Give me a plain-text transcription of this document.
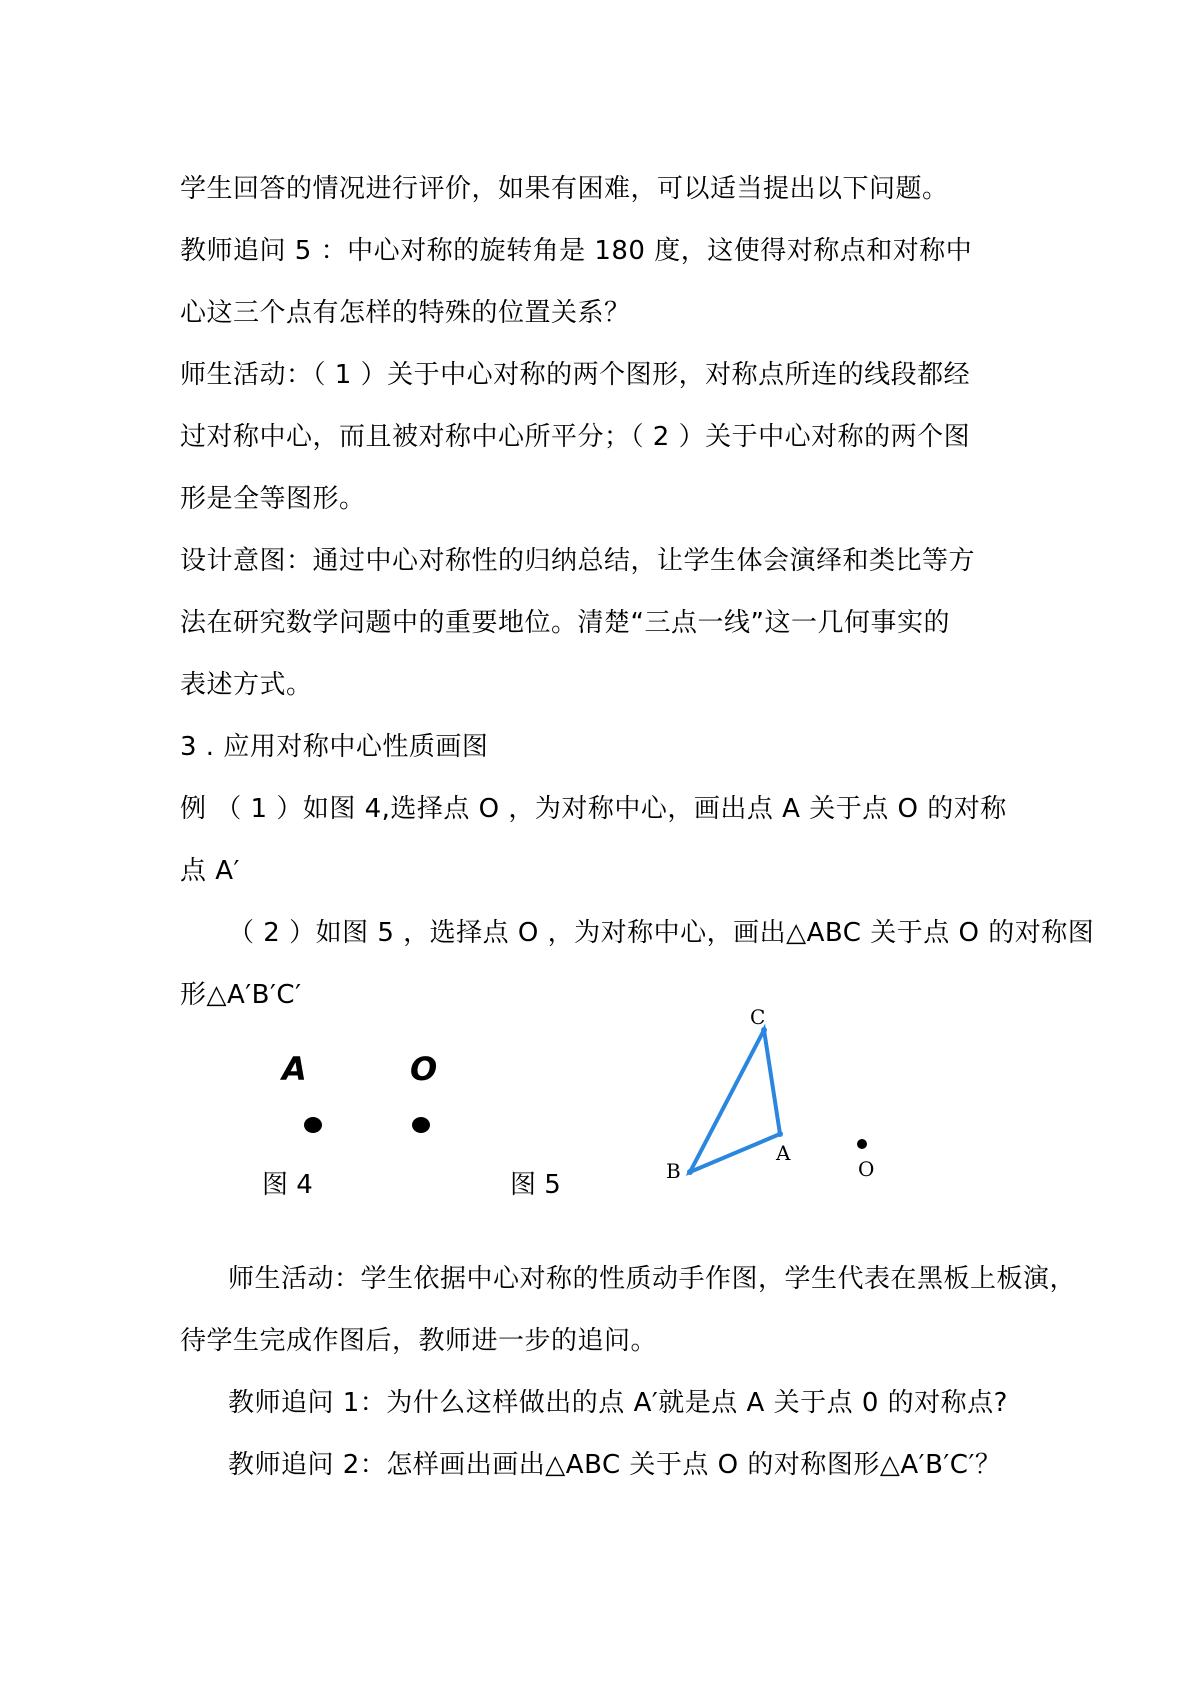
学生回答的情况进行评价，如果有困难，可以适当提出以下问题。
教师追问 5 ：中心对称的旋转角是 180 度，这使得对称点和对称中
心这三个点有怎样的特殊的位置关系？
师生活动：（ 1 ）关于中心对称的两个图形，对称点所连的线段都经
过对称中心，而且被对称中心所平分；（ 2 ）关于中心对称的两个图
形是全等图形。
设计意图：通过中心对称性的归纳总结，让学生体会演绎和类比等方
法在研究数学问题中的重要地位。清楚“三点一线”这一几何事实的
表述方式。
3 . 应用对称中心性质画图
例 （ 1 ）如图 4,选择点 O ，为对称中心，画出点 A 关于点 O 的对称
点 A′
（ 2 ）如图 5 ，选择点 O ，为对称中心，画出△ABC 关于点 O 的对称图
形△A′B′C′
A	O
图 4	图 5
C
A
B	O
师生活动：学生依据中心对称的性质动手作图，学生代表在黑板上板演，
待学生完成作图后，教师进一步的追问。
教师追问 1：为什么这样做出的点 A′就是点 A 关于点 0 的对称点?
教师追问 2：怎样画出画出△ABC 关于点 O 的对称图形△A′B′C′？
